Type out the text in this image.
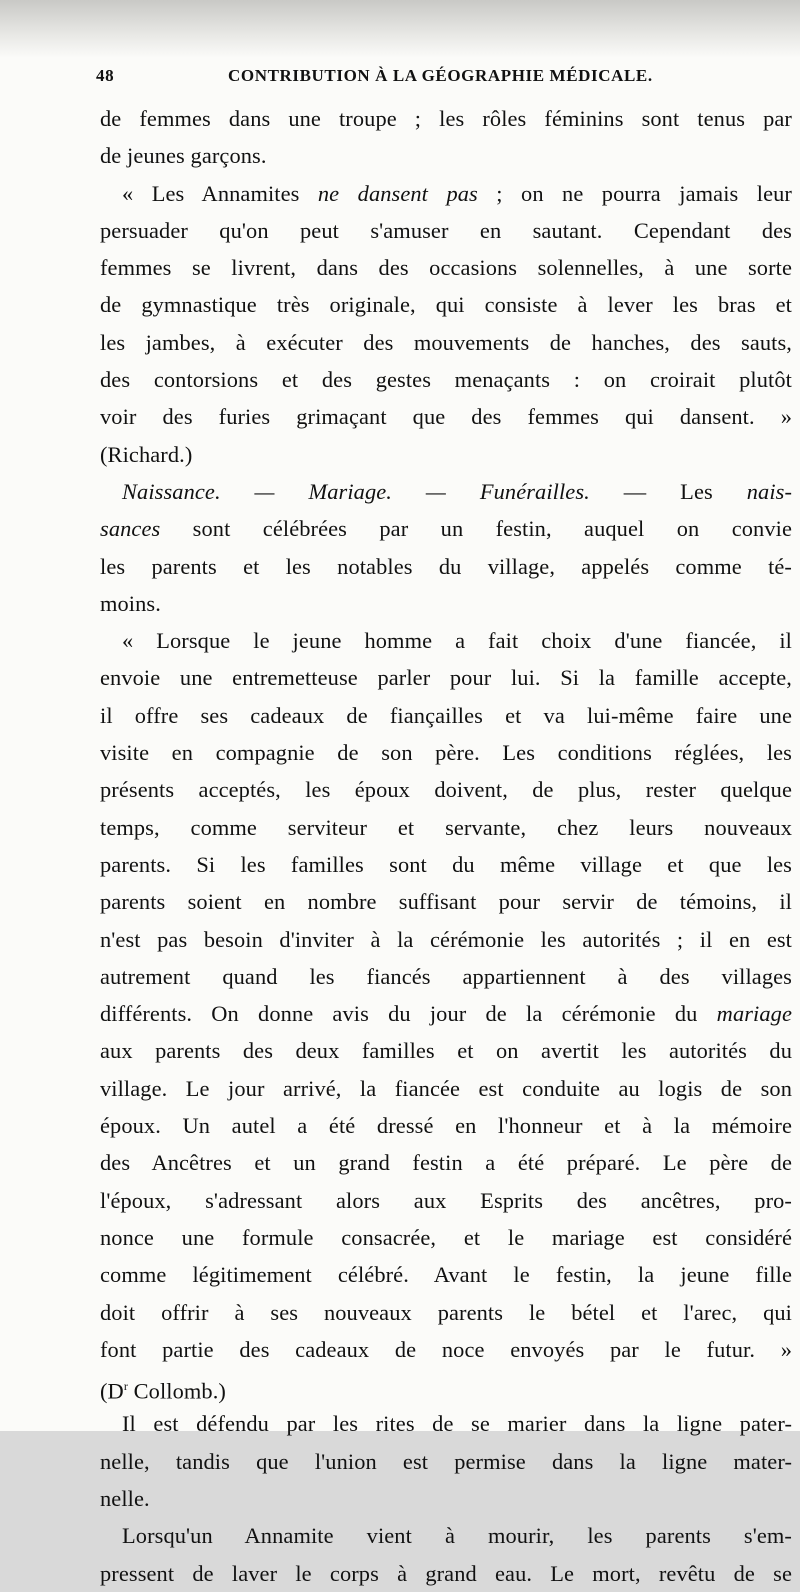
48	CONTRIBUTION À LA GÉOGRAPHIE MÉDICALE.
de femmes dans une troupe ; les rôles féminins sont tenus par
de jeunes garçons.
« Les Annamites ne dansent pas ; on ne pourra jamais leur
persuader qu'on peut s'amuser en sautant. Cependant des
femmes se livrent, dans des occasions solennelles, à une sorte
de gymnastique très originale, qui consiste à lever les bras et
les jambes, à exécuter des mouvements de hanches, des sauts,
des contorsions et des gestes menaçants : on croirait plutôt
voir des furies grimaçant que des femmes qui dansent. »
(Richard.)
Naissance. — Mariage. — Funérailles. — Les nais-
sances sont célébrées par un festin, auquel on convie
les parents et les notables du village, appelés comme té-
moins.
« Lorsque le jeune homme a fait choix d'une fiancée, il
envoie une entremetteuse parler pour lui. Si la famille accepte,
il offre ses cadeaux de fiançailles et va lui-même faire une
visite en compagnie de son père. Les conditions réglées, les
présents acceptés, les époux doivent, de plus, rester quelque
temps, comme serviteur et servante, chez leurs nouveaux
parents. Si les familles sont du même village et que les
parents soient en nombre suffisant pour servir de témoins, il
n'est pas besoin d'inviter à la cérémonie les autorités ; il en est
autrement quand les fiancés appartiennent à des villages
différents. On donne avis du jour de la cérémonie du mariage
aux parents des deux familles et on avertit les autorités du
village. Le jour arrivé, la fiancée est conduite au logis de son
époux. Un autel a été dressé en l'honneur et à la mémoire
des Ancêtres et un grand festin a été préparé. Le père de
l'époux, s'adressant alors aux Esprits des ancêtres, pro-
nonce une formule consacrée, et le mariage est considéré
comme légitimement célébré. Avant le festin, la jeune fille
doit offrir à ses nouveaux parents le bétel et l'arec, qui
font partie des cadeaux de noce envoyés par le futur. »
($D^r$ Collomb.)
Il est défendu par les rites de se marier dans la ligne pater-
nelle, tandis que l'union est permise dans la ligne mater-
nelle.
Lorsqu'un Annamite vient à mourir, les parents s'em-
pressent de laver le corps à grand eau. Le mort, revêtu de se
